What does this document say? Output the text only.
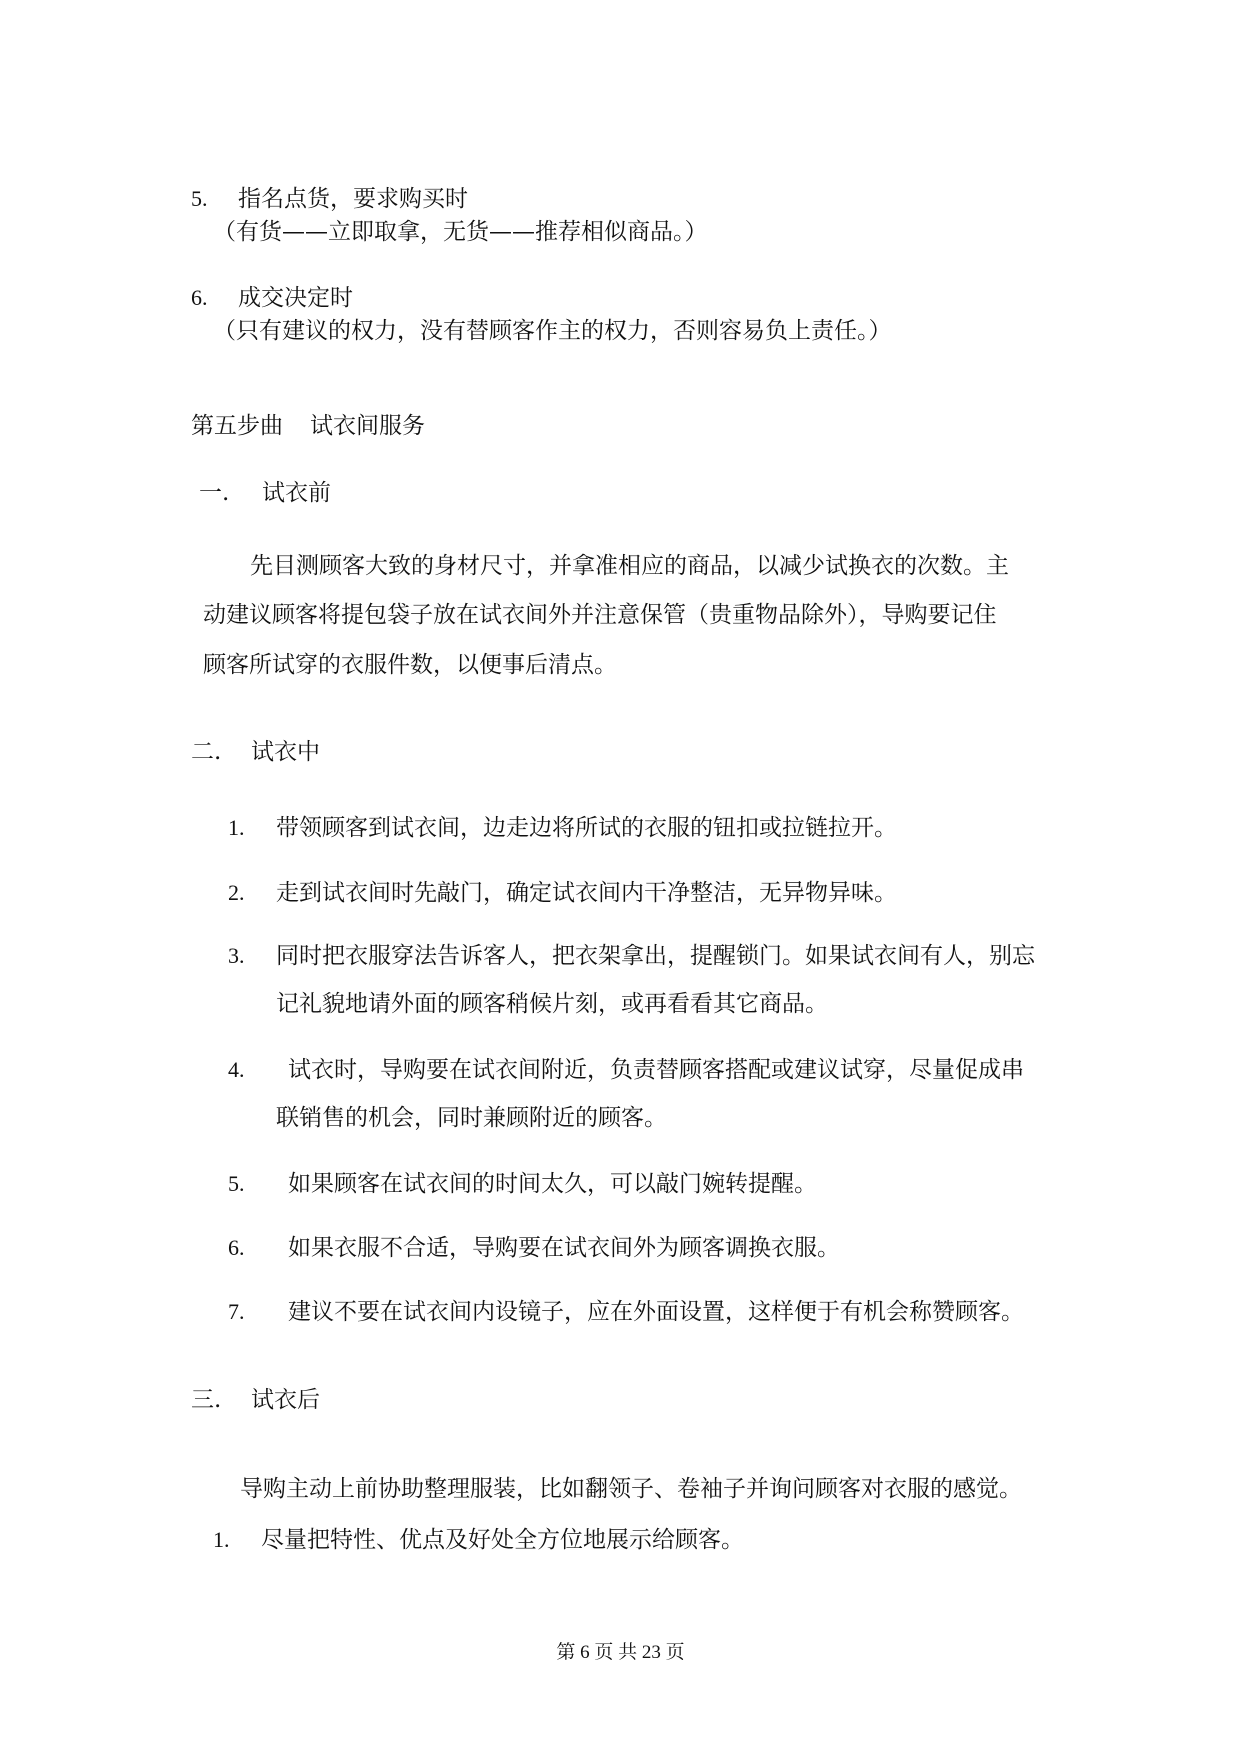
5. 指名点货，要求购买时
（有货——立即取拿，无货——推荐相似商品。）
6. 成交决定时
（只有建议的权力，没有替顾客作主的权力，否则容易负上责任。）
第五步曲 试衣间服务
一. 试衣前
先目测顾客大致的身材尺寸，并拿准相应的商品，以减少试换衣的次数。主
动建议顾客将提包袋子放在试衣间外并注意保管（贵重物品除外），导购要记住
顾客所试穿的衣服件数，以便事后清点。
二. 试衣中
1. 带领顾客到试衣间，边走边将所试的衣服的钮扣或拉链拉开。
2. 走到试衣间时先敲门，确定试衣间内干净整洁，无异物异味。
3. 同时把衣服穿法告诉客人，把衣架拿出，提醒锁门。如果试衣间有人，别忘
记礼貌地请外面的顾客稍候片刻，或再看看其它商品。
4. 试衣时，导购要在试衣间附近，负责替顾客搭配或建议试穿，尽量促成串
联销售的机会，同时兼顾附近的顾客。
5. 如果顾客在试衣间的时间太久，可以敲门婉转提醒。
6. 如果衣服不合适，导购要在试衣间外为顾客调换衣服。
7. 建议不要在试衣间内设镜子，应在外面设置，这样便于有机会称赞顾客。
三. 试衣后
导购主动上前协助整理服装，比如翻领子、卷袖子并询问顾客对衣服的感觉。
1. 尽量把特性、优点及好处全方位地展示给顾客。
第 6 页 共 23 页
